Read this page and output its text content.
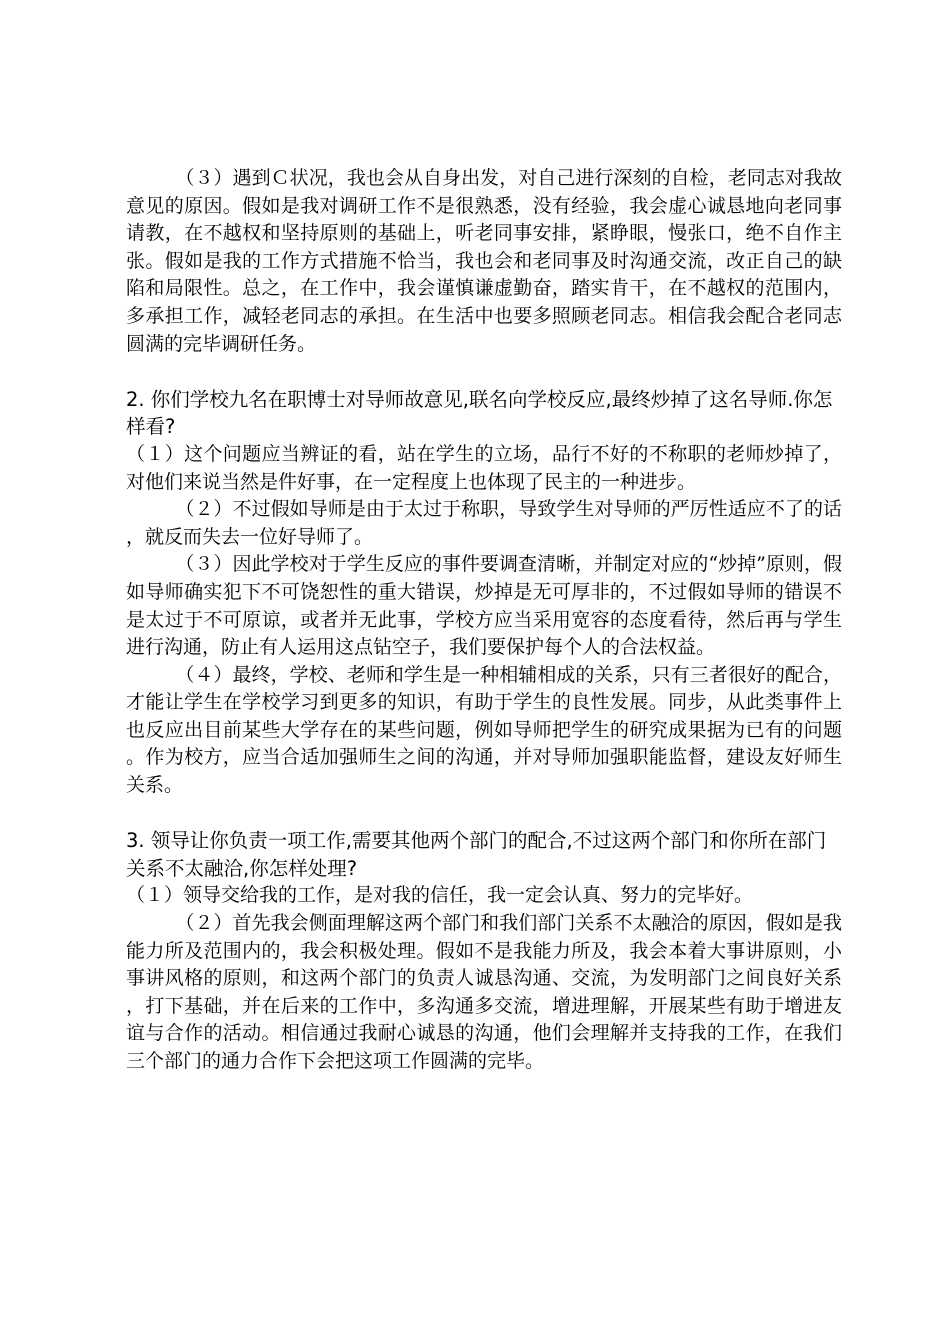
（３）遇到Ｃ状况，我也会从自身出发，对自己进行深刻的自检，老同志对我故意见的原因。假如是我对调研工作不是很熟悉，没有经验，我会虚心诚恳地向老同事请教，在不越权和坚持原则的基础上，听老同事安排，紧睁眼，慢张口，绝不自作主张。假如是我的工作方式措施不恰当，我也会和老同事及时沟通交流，改正自己的缺陷和局限性。总之，在工作中，我会谨慎谦虚勤奋，踏实肯干，在不越权的范围内，多承担工作，减轻老同志的承担。在生活中也要多照顾老同志。相信我会配合老同志圆满的完毕调研任务。

2. 你们学校九名在职博士对导师故意见,联名向学校反应,最终炒掉了这名导师.你怎样看?

（１）这个问题应当辨证的看，站在学生的立场，品行不好的不称职的老师炒掉了，对他们来说当然是件好事，在一定程度上也体现了民主的一种进步。

（２）不过假如导师是由于太过于称职，导致学生对导师的严厉性适应不了的话，就反而失去一位好导师了。

（３）因此学校对于学生反应的事件要调查清晰，并制定对应的“炒掉”原则，假如导师确实犯下不可饶恕性的重大错误，炒掉是无可厚非的，不过假如导师的错误不是太过于不可原谅，或者并无此事，学校方应当采用宽容的态度看待，然后再与学生进行沟通，防止有人运用这点钻空子，我们要保护每个人的合法权益。

（４）最终，学校、老师和学生是一种相辅相成的关系，只有三者很好的配合，才能让学生在学校学习到更多的知识，有助于学生的良性发展。同步，从此类事件上也反应出目前某些大学存在的某些问题，例如导师把学生的研究成果据为已有的问题。作为校方，应当合适加强师生之间的沟通，并对导师加强职能监督，建设友好师生关系。

3. 领导让你负责一项工作,需要其他两个部门的配合,不过这两个部门和你所在部门关系不太融洽,你怎样处理?

（１）领导交给我的工作，是对我的信任，我一定会认真、努力的完毕好。

（２）首先我会侧面理解这两个部门和我们部门关系不太融洽的原因，假如是我能力所及范围内的，我会积极处理。假如不是我能力所及，我会本着大事讲原则，小事讲风格的原则，和这两个部门的负责人诚恳沟通、交流，为发明部门之间良好关系，打下基础，并在后来的工作中，多沟通多交流，增进理解，开展某些有助于增进友谊与合作的活动。相信通过我耐心诚恳的沟通，他们会理解并支持我的工作，在我们三个部门的通力合作下会把这项工作圆满的完毕。
